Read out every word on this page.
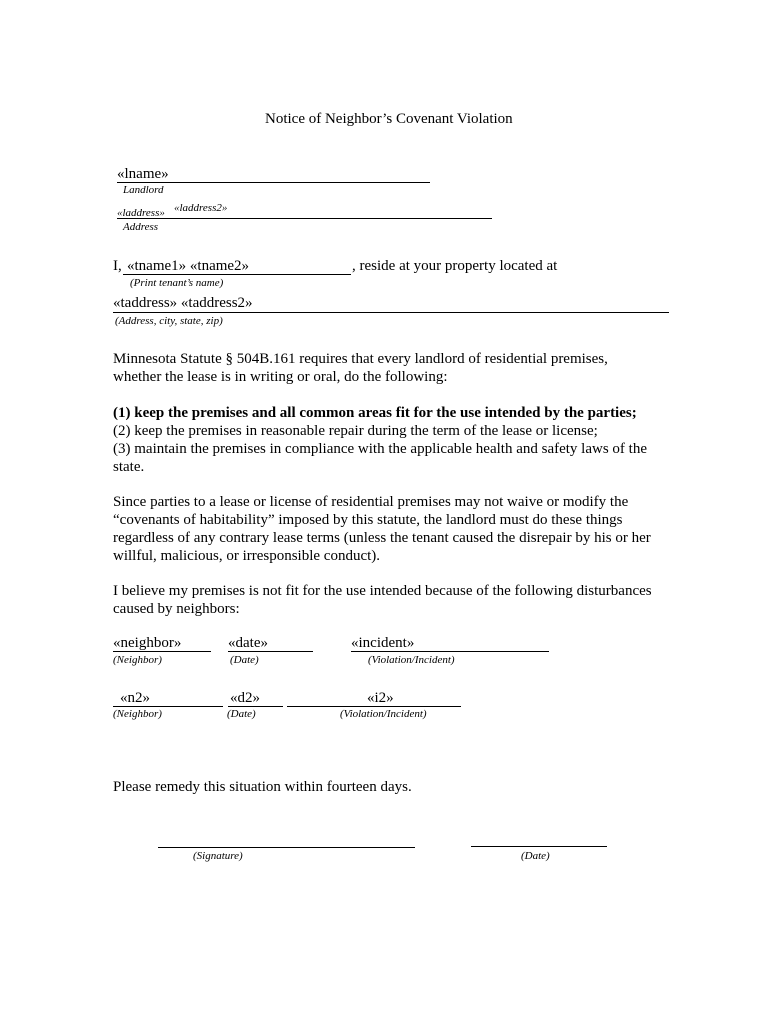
Notice of Neighbor’s Covenant Violation
«lname»
Landlord
«laddress» «laddress2»
Address
I, «tname1» «tname2»	, reside at your property located at
(Print tenant’s name)
«taddress» «taddress2»
(Address, city, state, zip)

Minnesota Statute § 504B.161 requires that every landlord of residential premises,

whether the lease is in writing or oral, do the following:

(1) keep the premises and all common areas fit for the use intended by the parties;

(2) keep the premises in reasonable repair during the term of the lease or license;

(3) maintain the premises in compliance with the applicable health and safety laws of the

state.

Since parties to a lease or license of residential premises may not waive or modify the

“covenants of habitability” imposed by this statute, the landlord must do these things

regardless of any contrary lease terms (unless the tenant caused the disrepair by his or her

willful, malicious, or irresponsible conduct).

I believe my premises is not fit for the use intended because of the following disturbances

caused by neighbors:

«neighbor»	«date»	«incident»
(Neighbor)	(Date)	(Violation/Incident)
«n2»	«d2»	«i2»
(Neighbor)	(Date)	(Violation/Incident)
Please remedy this situation within fourteen days.
(Signature)	(Date)
